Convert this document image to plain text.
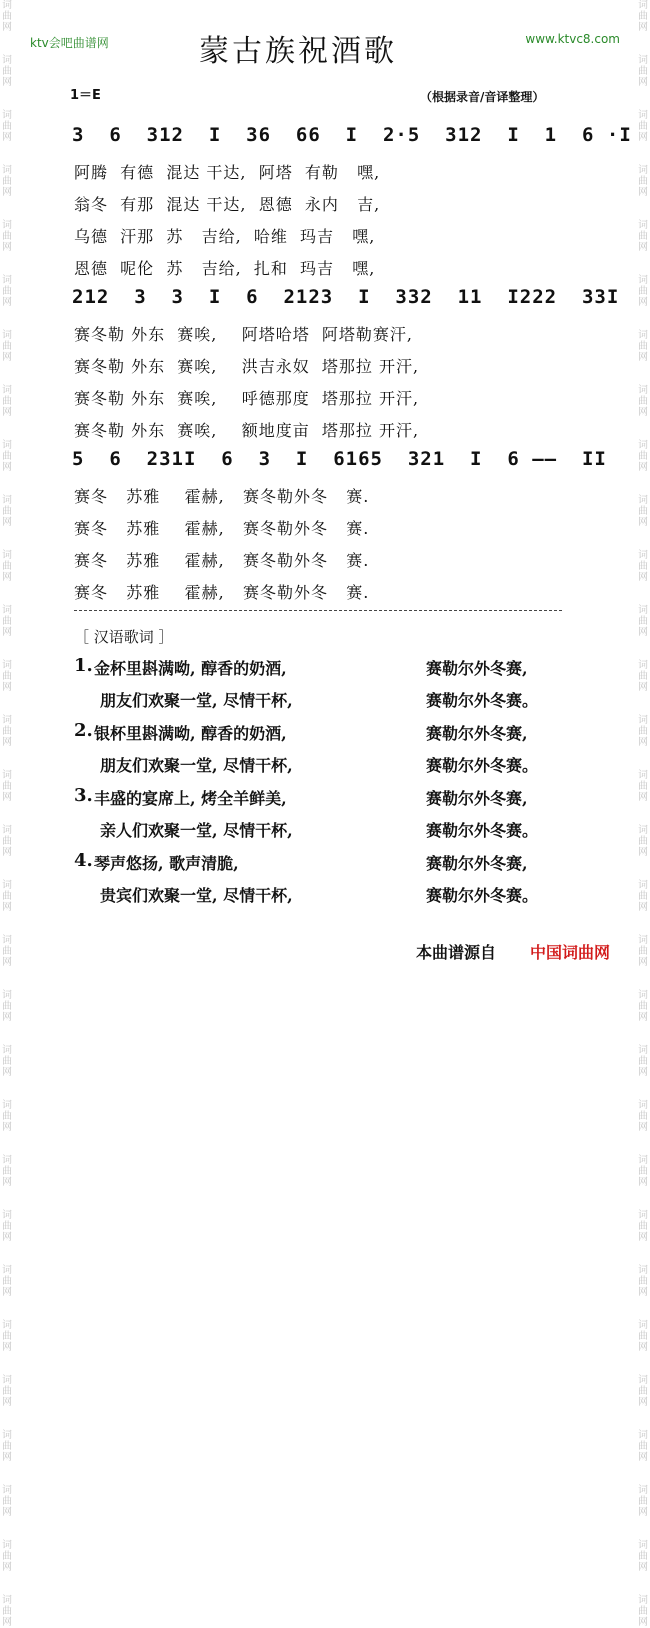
词
曲
网

词
曲
网

词
曲
网

词
曲
网

词
曲
网

词
曲
网

词
曲
网

词
曲
网

词
曲
网

词
曲
网

词
曲
网

词
曲
网

词
曲
网

词
曲
网

词
曲
网

词
曲
网

词
曲
网

词
曲
网

词
曲
网

词
曲
网

词
曲
网

词
曲
网

词
曲
网

词
曲
网

词
曲
网

词
曲
网

词
曲
网

词
曲
网

词
曲
网

词
曲
网

词
曲
网

词
曲
网

词
曲
网

词
曲
网

词
曲
网

词
曲
网

词
曲
网

词
曲
网

词
曲
网

词
曲
网

词
曲
网

词
曲
网

词
曲
网

词
曲
网

词
曲
网

词
曲
网

词
曲
网

词
曲
网

词
曲
网

词
曲
网

词
曲
网

词
曲
网

词
曲
网

词
曲
网

词
曲
网

词
曲
网

词
曲
网

词
曲
网

词
曲
网

词
曲
网

ktv会吧曲谱网	www.ktvc8.com
蒙古族祝酒歌
1＝E	（根据录音/音译整理）
3  6  312  I  36  66  I  2·5  312  I  1  6 ·I
阿腾  有德  混达 干达,  阿塔  有勒   嘿,
翁冬  有那  混达 干达,  恩德  永内   吉,
乌德  汗那  苏   吉给,  哈维  玛吉   嘿,
恩德  呢伦  苏   吉给,  扎和  玛吉   嘿,
212  3  3  I  6  2123  I  332  11  I222  33I
赛冬勒 外东  赛唉,    阿塔哈塔  阿塔勒赛汗,
赛冬勒 外东  赛唉,    洪吉永奴  塔那拉 开汗,
赛冬勒 外东  赛唉,    呼德那度  塔那拉 开汗,
赛冬勒 外东  赛唉,    额地度亩  塔那拉 开汗,
5  6  231I  6  3  I  6165  321  I  6 ——  II
赛冬   苏雅    霍赫,   赛冬勒外冬   赛.
赛冬   苏雅    霍赫,   赛冬勒外冬   赛.
赛冬   苏雅    霍赫,   赛冬勒外冬   赛.
赛冬   苏雅    霍赫,   赛冬勒外冬   赛.
［ 汉语歌词 ］
1. 金杯里斟满呦, 醇香的奶酒,	赛勒尔外冬赛,
朋友们欢聚一堂, 尽情干杯,	赛勒尔外冬赛。
2. 银杯里斟满呦, 醇香的奶酒,	赛勒尔外冬赛,
朋友们欢聚一堂, 尽情干杯,	赛勒尔外冬赛。
3. 丰盛的宴席上, 烤全羊鲜美,	赛勒尔外冬赛,
亲人们欢聚一堂, 尽情干杯,	赛勒尔外冬赛。
4. 琴声悠扬, 歌声清脆,	赛勒尔外冬赛,
贵宾们欢聚一堂, 尽情干杯,	赛勒尔外冬赛。
本曲谱源自 中国词曲网
